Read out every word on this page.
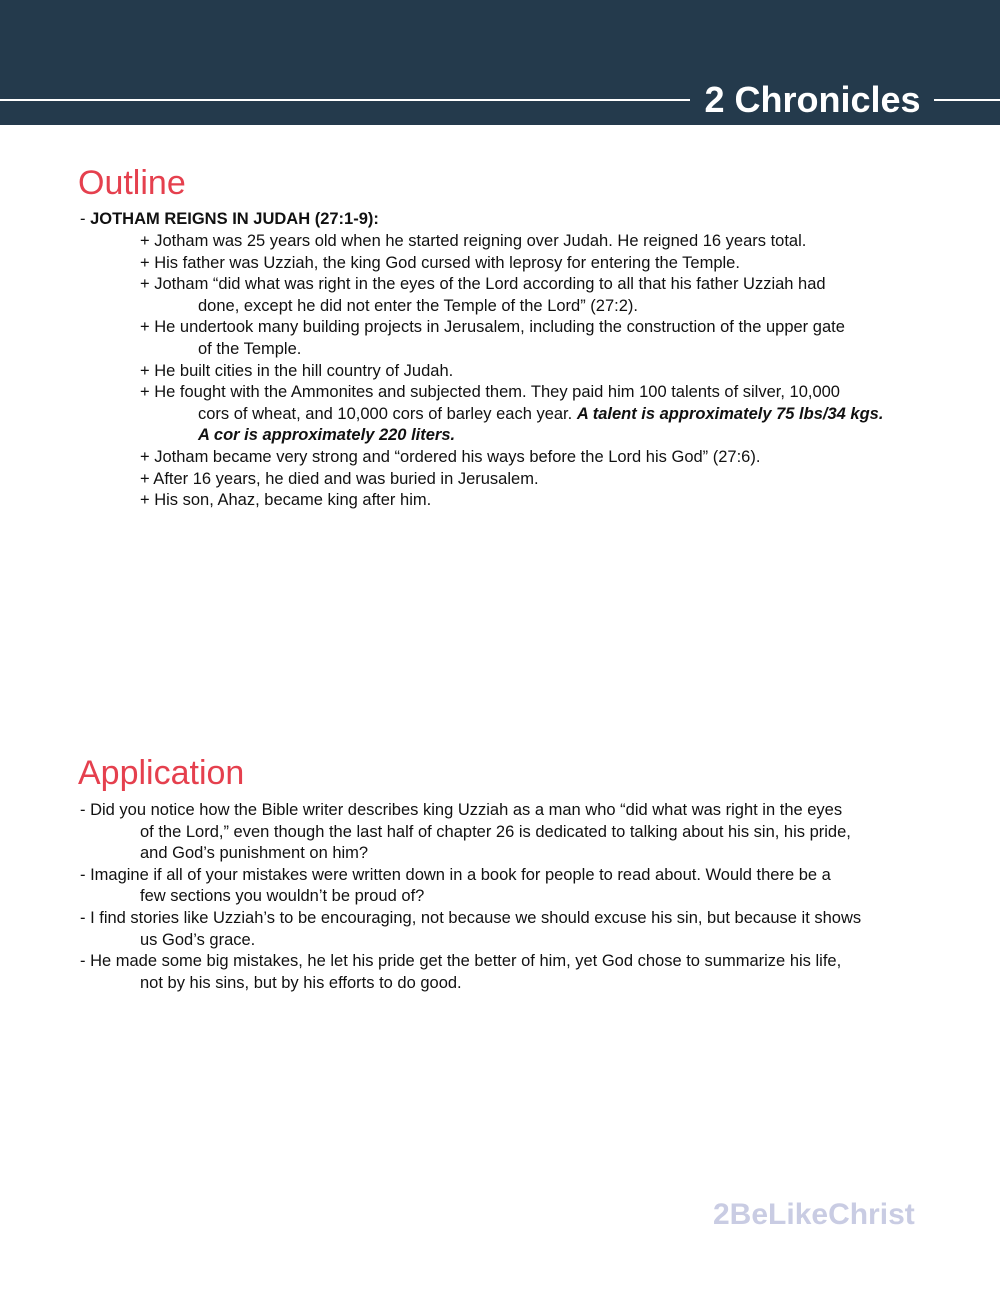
2 Chronicles
Outline
- JOTHAM REIGNS IN JUDAH (27:1-9):
+ Jotham was 25 years old when he started reigning over Judah. He reigned 16 years total.
+ His father was Uzziah, the king God cursed with leprosy for entering the Temple.
+ Jotham “did what was right in the eyes of the Lord according to all that his father Uzziah had
done, except he did not enter the Temple of the Lord” (27:2).
+ He undertook many building projects in Jerusalem, including the construction of the upper gate
of the Temple.
+ He built cities in the hill country of Judah.
+ He fought with the Ammonites and subjected them. They paid him 100 talents of silver, 10,000
cors of wheat, and 10,000 cors of barley each year. A talent is approximately 75 lbs/34 kgs.
A cor is approximately 220 liters.
+ Jotham became very strong and “ordered his ways before the Lord his God” (27:6).
+ After 16 years, he died and was buried in Jerusalem.
+ His son, Ahaz, became king after him.
Application
- Did you notice how the Bible writer describes king Uzziah as a man who “did what was right in the eyes
of the Lord,” even though the last half of chapter 26 is dedicated to talking about his sin, his pride,
and God’s punishment on him?
- Imagine if all of your mistakes were written down in a book for people to read about. Would there be a
few sections you wouldn’t be proud of?
- I find stories like Uzziah’s to be encouraging, not because we should excuse his sin, but because it shows
us God’s grace.
- He made some big mistakes, he let his pride get the better of him, yet God chose to summarize his life,
not by his sins, but by his efforts to do good.
2BeLikeChrist
